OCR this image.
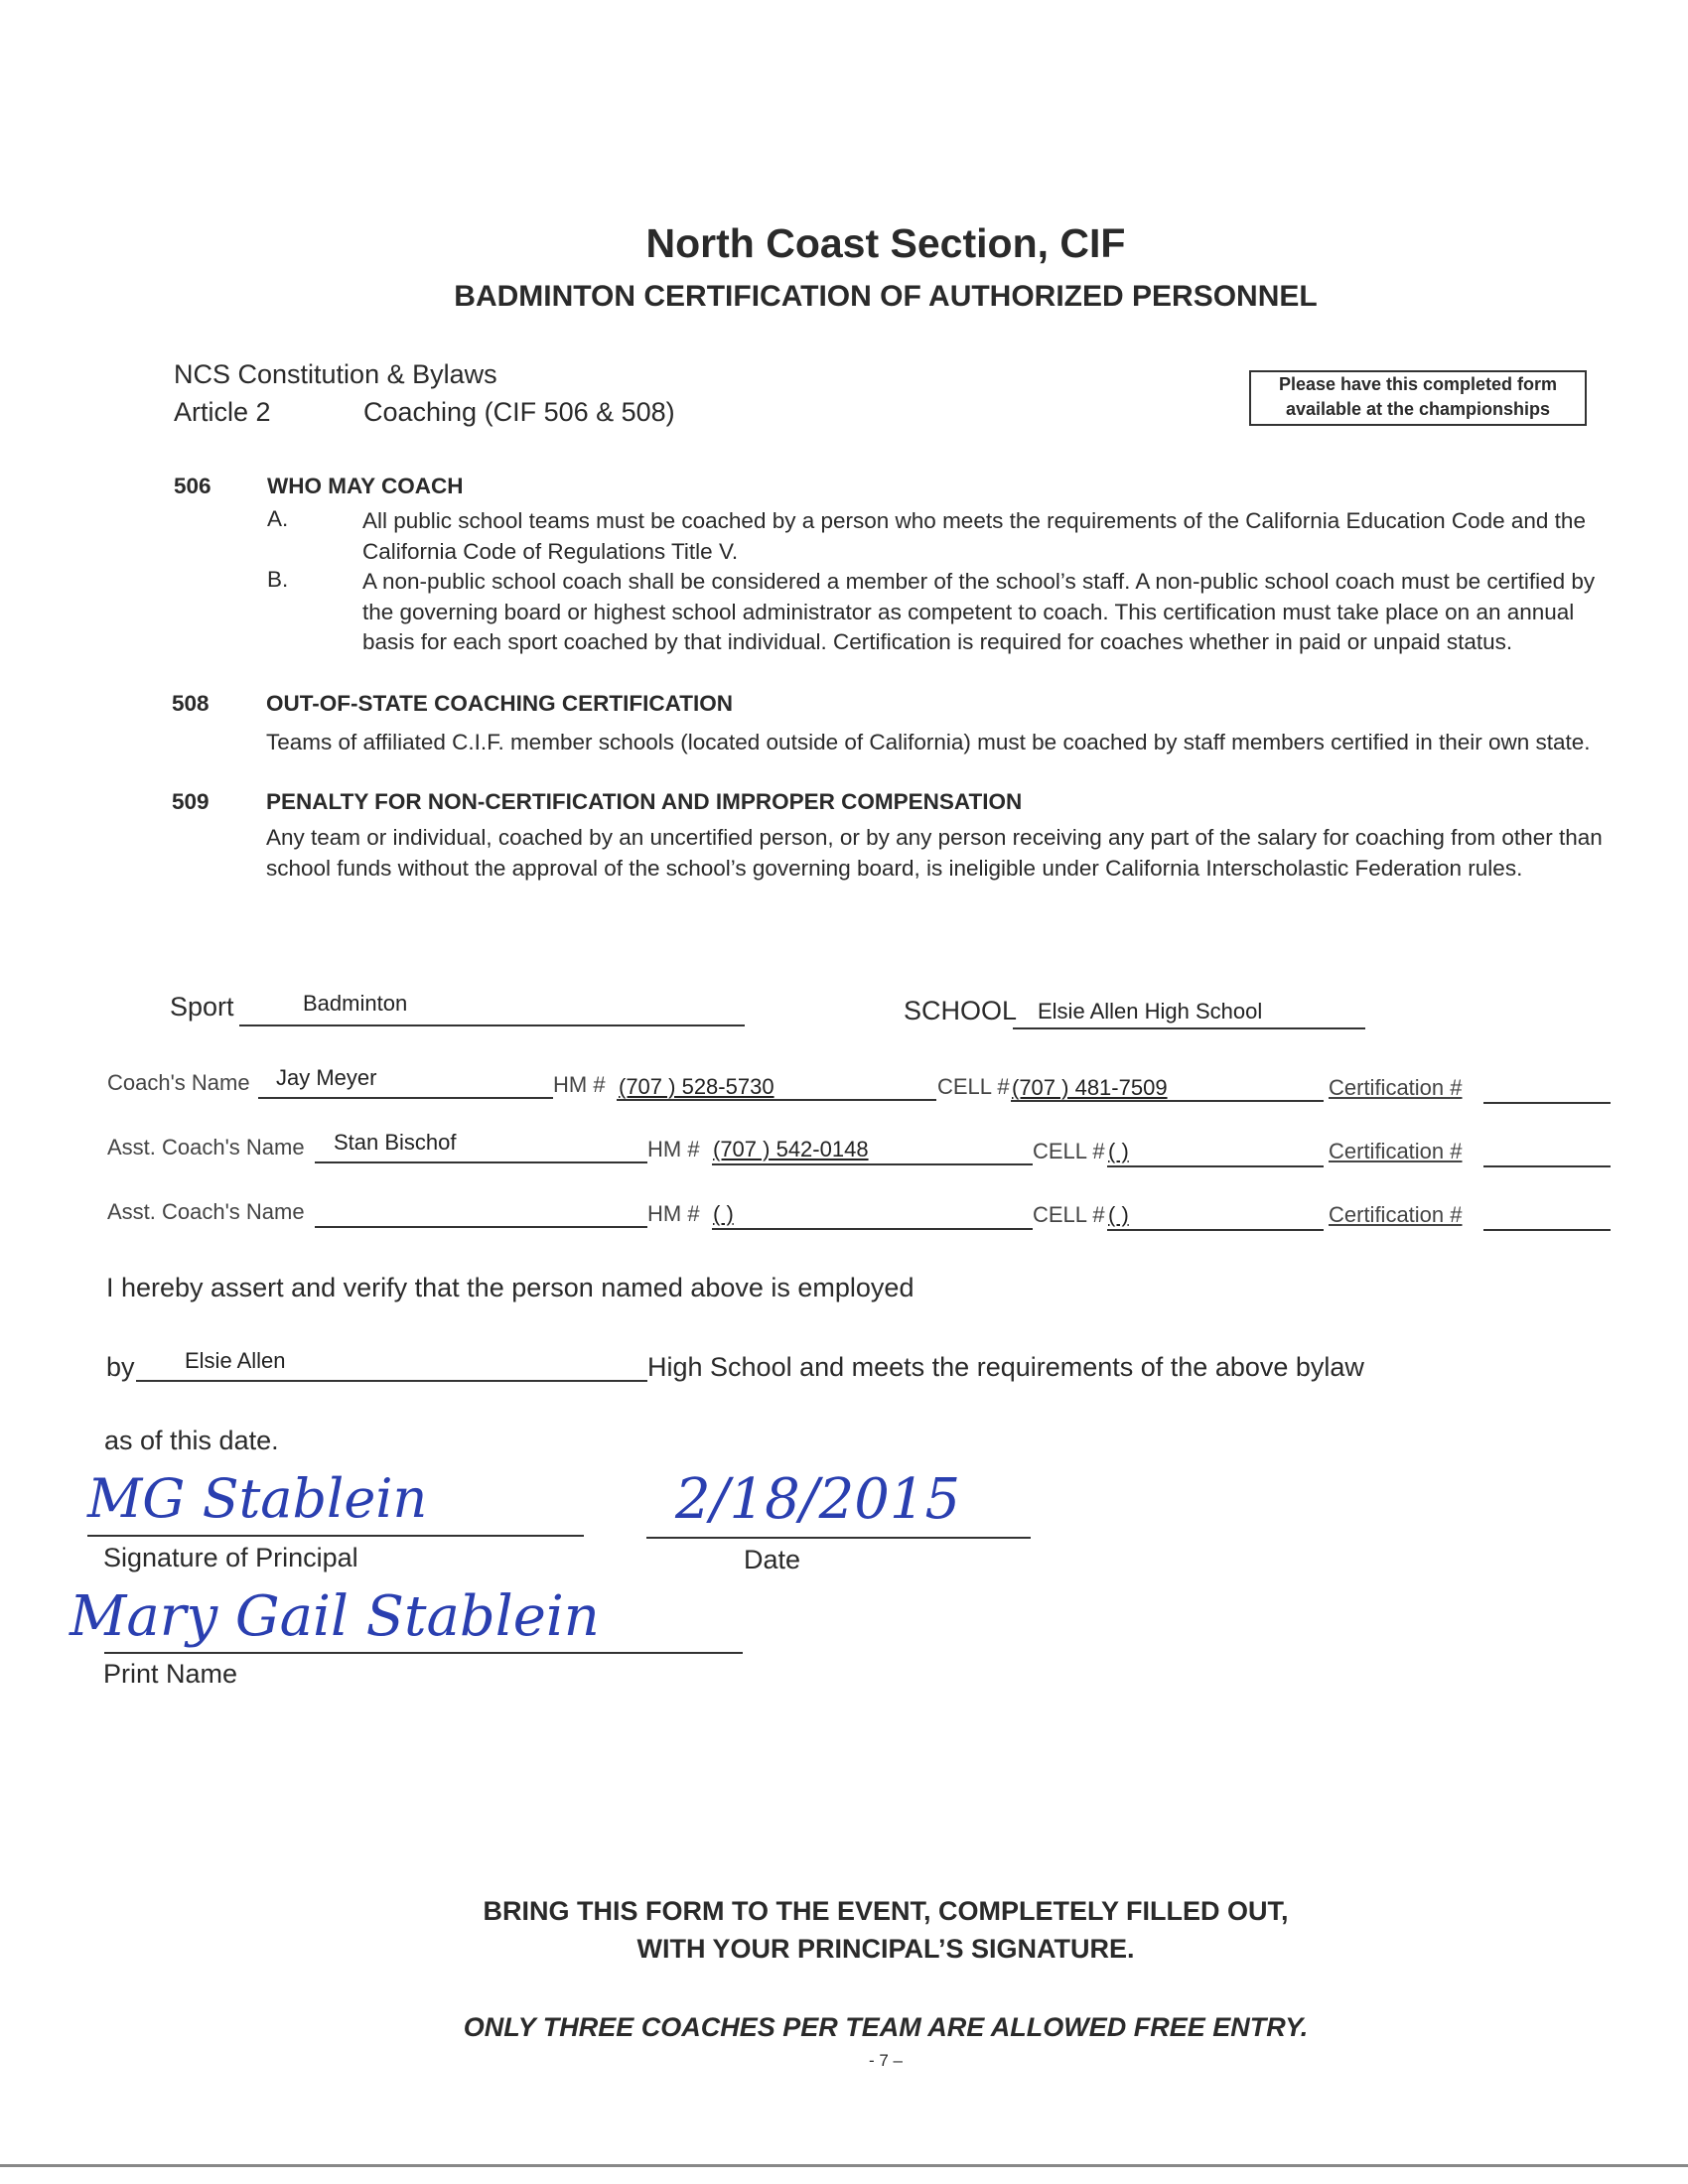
North Coast Section, CIF
BADMINTON CERTIFICATION OF AUTHORIZED PERSONNEL
NCS Constitution & Bylaws
Article 2	Coaching (CIF 506 & 508)
Please have this completed form
available at the championships
506	WHO MAY COACH
A.	All public school teams must be coached by a person who meets the requirements of the California Education Code and the California Code of Regulations Title V.
B.	A non-public school coach shall be considered a member of the school’s staff. A non-public school coach must be certified by the governing board or highest school administrator as competent to coach. This certification must take place on an annual basis for each sport coached by that individual. Certification is required for coaches whether in paid or unpaid status.
508	OUT-OF-STATE COACHING CERTIFICATION
Teams of affiliated C.I.F. member schools (located outside of California) must be coached by staff members certified in their own state.
509	PENALTY FOR NON-CERTIFICATION AND IMPROPER COMPENSATION
Any team or individual, coached by an uncertified person, or by any person receiving any part of the salary for coaching from other than school funds without the approval of the school’s governing board, is ineligible under California Interscholastic Federation rules.
Sport	Badminton	SCHOOL Elsie Allen High School
Coach's Name Jay Meyer	HM # (707 ) 528-5730	CELL # (707 ) 481-7509	Certification #
Asst. Coach's Name Stan Bischof	HM # (707 ) 542-0148	CELL # ( )	Certification #
Asst. Coach's Name	HM # ( )	CELL # ( )	Certification #
I hereby assert and verify that the person named above is employed
by Elsie Allen	High School and meets the requirements of the above bylaw
as of this date.
MG Stablein
Signature of Principal
2/18/2015
Date
Mary Gail Stablein
Print Name
BRING THIS FORM TO THE EVENT, COMPLETELY FILLED OUT,
WITH YOUR PRINCIPAL’S SIGNATURE.
ONLY THREE COACHES PER TEAM ARE ALLOWED FREE ENTRY.
- 7 –
